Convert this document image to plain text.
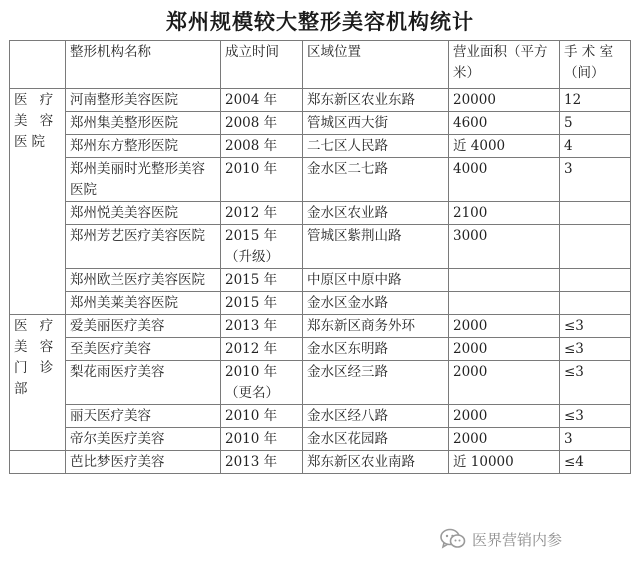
郑州规模较大整形美容机构统计
	整形机构名称	成立时间	区域位置	营业面积（平方米）	手 术 室（间）
医 疗 美 容 医院	河南整形美容医院	2004 年	郑东新区农业东路	20000	12
	郑州集美整形医院	2008 年	管城区西大街	4600	5
	郑州东方整形医院	2008 年	二七区人民路	近 4000	4
	郑州美丽时光整形美容医院	2010 年	金水区二七路	4000	3
	郑州悦美美容医院	2012 年	金水区农业路	2100	
	郑州芳艺医疗美容医院	2015 年（升级）	管城区紫荆山路	3000	
	郑州欧兰医疗美容医院	2015 年	中原区中原中路		
	郑州美莱美容医院	2015 年	金水区金水路		
医 疗 美 容 门 诊 部	爱美丽医疗美容	2013 年	郑东新区商务外环	2000	≤3
	至美医疗美容	2012 年	金水区东明路	2000	≤3
	梨花雨医疗美容	2010 年（更名）	金水区经三路	2000	≤3
	丽天医疗美容	2010 年	金水区经八路	2000	≤3
	帝尔美医疗美容	2010 年	金水区花园路	2000	3
	芭比梦医疗美容	2013 年	郑东新区农业南路	近 10000	≤4
医界营销内参
